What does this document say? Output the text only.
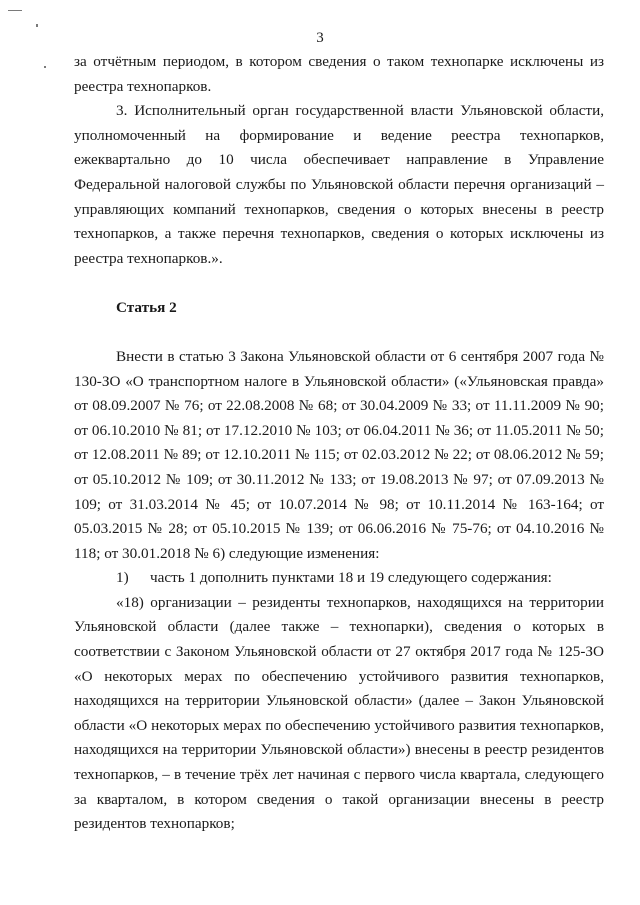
3

за отчётным периодом, в котором сведения о таком технопарке исключены из реестра технопарков.

3. Исполнительный орган государственной власти Ульяновской области, уполномоченный на формирование и ведение реестра технопарков, ежеквартально до 10 числа обеспечивает направление в Управление Федеральной налоговой службы по Ульяновской области перечня организаций – управляющих компаний технопарков, сведения о которых внесены в реестр технопарков, а также перечня технопарков, сведения о которых исключены из реестра технопарков.».

Статья 2

Внести в статью 3 Закона Ульяновской области от 6 сентября 2007 года № 130-ЗО «О транспортном налоге в Ульяновской области» («Ульяновская правда» от 08.09.2007 № 76; от 22.08.2008 № 68; от 30.04.2009 № 33; от 11.11.2009 № 90; от 06.10.2010 № 81; от 17.12.2010 № 103; от 06.04.2011 № 36; от 11.05.2011 № 50; от 12.08.2011 № 89; от 12.10.2011 № 115; от 02.03.2012 № 22; от 08.06.2012 № 59; от 05.10.2012 № 109; от 30.11.2012 № 133; от 19.08.2013 № 97; от 07.09.2013 № 109; от 31.03.2014 № 45; от 10.07.2014 № 98; от 10.11.2014 № 163-164; от 05.03.2015 № 28; от 05.10.2015 № 139; от 06.06.2016 № 75-76; от 04.10.2016 № 118; от 30.01.2018 № 6) следующие изменения:

1) часть 1 дополнить пунктами 18 и 19 следующего содержания:

«18) организации – резиденты технопарков, находящихся на территории Ульяновской области (далее также – технопарки), сведения о которых в соответствии с Законом Ульяновской области от 27 октября 2017 года № 125-ЗО «О некоторых мерах по обеспечению устойчивого развития технопарков, находящихся на территории Ульяновской области» (далее – Закон Ульяновской области «О некоторых мерах по обеспечению устойчивого развития технопарков, находящихся на территории Ульяновской области») внесены в реестр резидентов технопарков, – в течение трёх лет начиная с первого числа квартала, следующего за кварталом, в котором сведения о такой организации внесены в реестр резидентов технопарков;
